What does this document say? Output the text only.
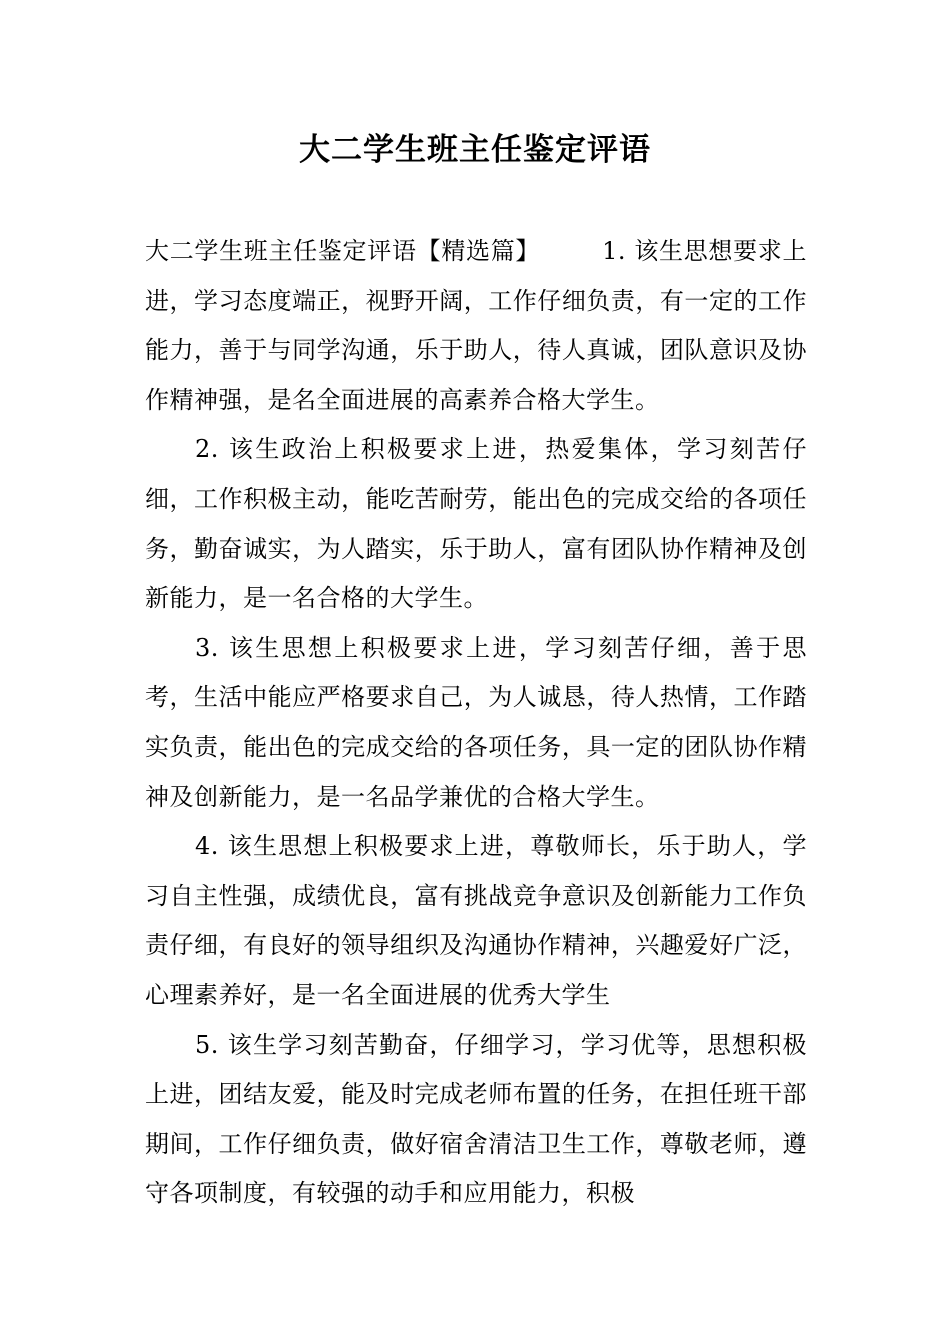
大二学生班主任鉴定评语

大二学生班主任鉴定评语【精选篇】	1. 该生思想要求上进，学习态度端正，视野开阔，工作仔细负责，有一定的工作能力，善于与同学沟通，乐于助人，待人真诚，团队意识及协作精神强，是名全面进展的高素养合格大学生。

2. 该生政治上积极要求上进，热爱集体，学习刻苦仔细，工作积极主动，能吃苦耐劳，能出色的完成交给的各项任务，勤奋诚实，为人踏实，乐于助人，富有团队协作精神及创新能力，是一名合格的大学生。

3. 该生思想上积极要求上进，学习刻苦仔细，善于思考，生活中能应严格要求自己，为人诚恳，待人热情，工作踏实负责，能出色的完成交给的各项任务，具一定的团队协作精神及创新能力，是一名品学兼优的合格大学生。

4. 该生思想上积极要求上进，尊敬师长，乐于助人，学习自主性强，成绩优良，富有挑战竞争意识及创新能力工作负责仔细，有良好的领导组织及沟通协作精神，兴趣爱好广泛，心理素养好，是一名全面进展的优秀大学生

5. 该生学习刻苦勤奋，仔细学习，学习优等，思想积极上进，团结友爱，能及时完成老师布置的任务，在担任班干部期间，工作仔细负责，做好宿舍清洁卫生工作，尊敬老师，遵守各项制度，有较强的动手和应用能力，积极
